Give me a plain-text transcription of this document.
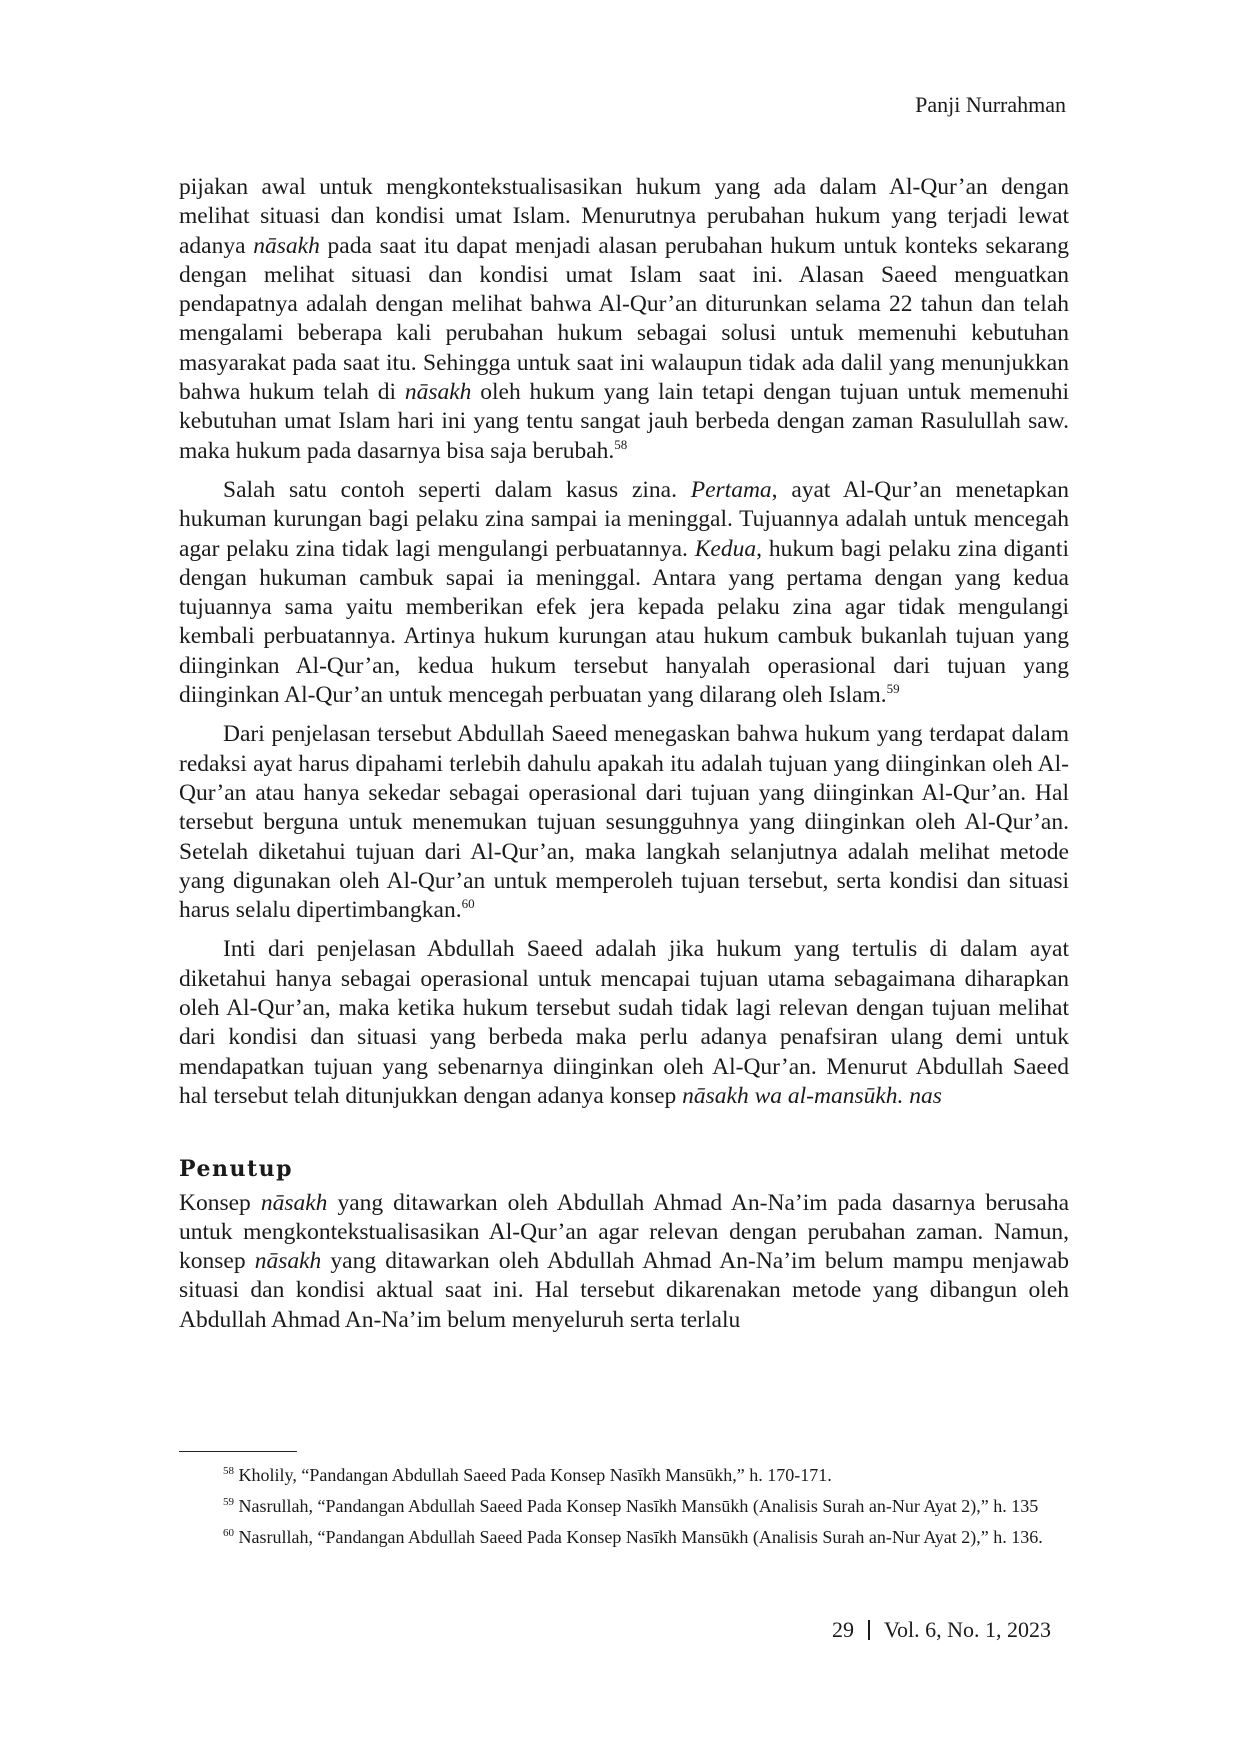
Panji Nurrahman

pijakan awal untuk mengkontekstualisasikan hukum yang ada dalam Al-Qur’an dengan melihat situasi dan kondisi umat Islam. Menurutnya perubahan hukum yang terjadi lewat adanya nāsakh pada saat itu dapat menjadi alasan perubahan hukum untuk konteks sekarang dengan melihat situasi dan kondisi umat Islam saat ini. Alasan Saeed menguatkan pendapatnya adalah dengan melihat bahwa Al-Qur’an diturunkan selama 22 tahun dan telah mengalami beberapa kali perubahan hukum sebagai solusi untuk memenuhi kebutuhan masyarakat pada saat itu. Sehingga untuk saat ini walaupun tidak ada dalil yang menunjukkan bahwa hukum telah di nāsakh oleh hukum yang lain tetapi dengan tujuan untuk memenuhi kebutuhan umat Islam hari ini yang tentu sangat jauh berbeda dengan zaman Rasulullah saw. maka hukum pada dasarnya bisa saja berubah.$^{58}$

Salah satu contoh seperti dalam kasus zina. Pertama, ayat Al-Qur’an menetapkan hukuman kurungan bagi pelaku zina sampai ia meninggal. Tujuannya adalah untuk mencegah agar pelaku zina tidak lagi mengulangi perbuatannya. Kedua, hukum bagi pelaku zina diganti dengan hukuman cambuk sapai ia meninggal. Antara yang pertama dengan yang kedua tujuannya sama yaitu memberikan efek jera kepada pelaku zina agar tidak mengulangi kembali perbuatannya. Artinya hukum kurungan atau hukum cambuk bukanlah tujuan yang diinginkan Al-Qur’an, kedua hukum tersebut hanyalah operasional dari tujuan yang diinginkan Al-Qur’an untuk mencegah perbuatan yang dilarang oleh Islam.$^{59}$

Dari penjelasan tersebut Abdullah Saeed menegaskan bahwa hukum yang terdapat dalam redaksi ayat harus dipahami terlebih dahulu apakah itu adalah tujuan yang diinginkan oleh Al-Qur’an atau hanya sekedar sebagai operasional dari tujuan yang diinginkan Al-Qur’an. Hal tersebut berguna untuk menemukan tujuan sesungguhnya yang diinginkan oleh Al-Qur’an. Setelah diketahui tujuan dari Al-Qur’an, maka langkah selanjutnya adalah melihat metode yang digunakan oleh Al-Qur’an untuk memperoleh tujuan tersebut, serta kondisi dan situasi harus selalu dipertimbangkan.$^{60}$

Inti dari penjelasan Abdullah Saeed adalah jika hukum yang tertulis di dalam ayat diketahui hanya sebagai operasional untuk mencapai tujuan utama sebagaimana diharapkan oleh Al-Qur’an, maka ketika hukum tersebut sudah tidak lagi relevan dengan tujuan melihat dari kondisi dan situasi yang berbeda maka perlu adanya penafsiran ulang demi untuk mendapatkan tujuan yang sebenarnya diinginkan oleh Al-Qur’an. Menurut Abdullah Saeed hal tersebut telah ditunjukkan dengan adanya konsep nāsakh wa al-mansūkh. nas

Penutup

Konsep nāsakh yang ditawarkan oleh Abdullah Ahmad An-Na’im pada dasarnya berusaha untuk mengkontekstualisasikan Al-Qur’an agar relevan dengan perubahan zaman. Namun, konsep nāsakh yang ditawarkan oleh Abdullah Ahmad An-Na’im belum mampu menjawab situasi dan kondisi aktual saat ini. Hal tersebut dikarenakan metode yang dibangun oleh Abdullah Ahmad An-Na’im belum menyeluruh serta terlalu

$^{58}$ Kholily, “Pandangan Abdullah Saeed Pada Konsep Nasīkh Mansūkh,” h. 170-171.

$^{59}$ Nasrullah, “Pandangan Abdullah Saeed Pada Konsep Nasīkh Mansūkh (Analisis Surah an-Nur Ayat 2),” h. 135

$^{60}$ Nasrullah, “Pandangan Abdullah Saeed Pada Konsep Nasīkh Mansūkh (Analisis Surah an-Nur Ayat 2),” h. 136.

29 Vol. 6, No. 1, 2023
